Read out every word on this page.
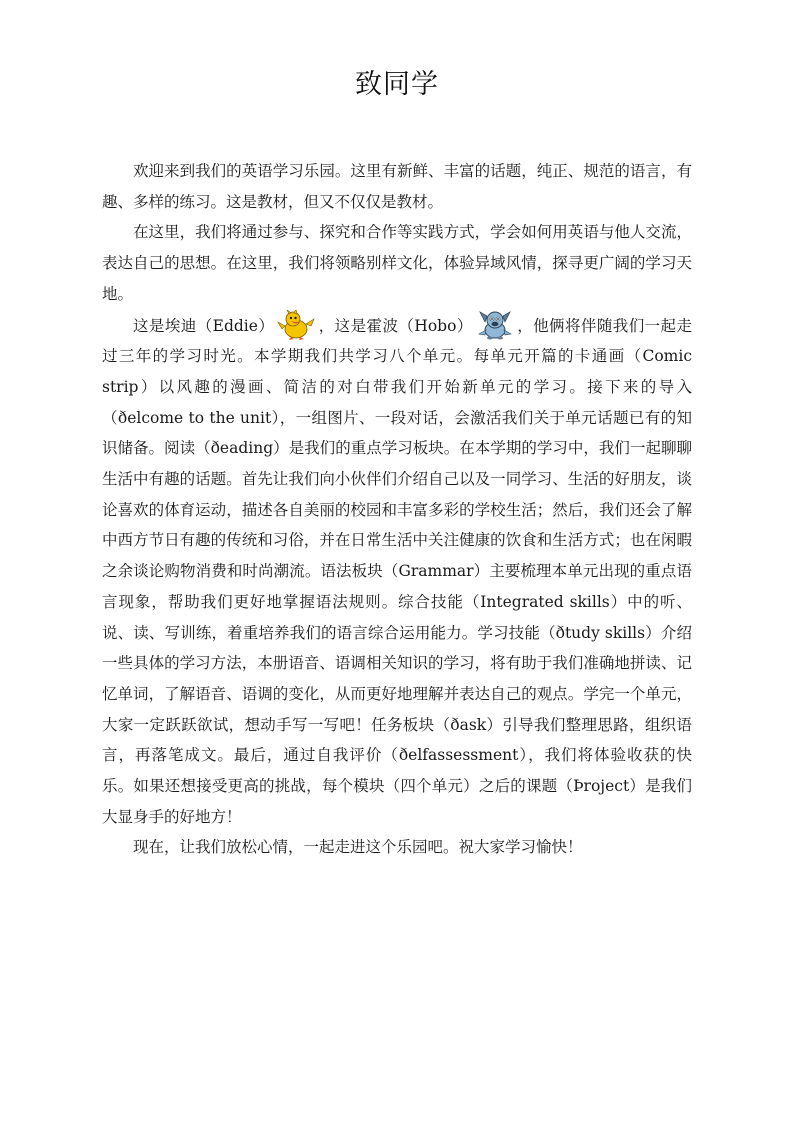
致同学

欢迎来到我们的英语学习乐园。这里有新鲜、丰富的话题，纯正、规范的语言，有趣、多样的练习。这是教材，但又不仅仅是教材。

在这里，我们将通过参与、探究和合作等实践方式，学会如何用英语与他人交流，表达自己的思想。在这里，我们将领略别样文化，体验异域风情，探寻更广阔的学习天地。

这是埃迪（Eddie）	，这是霍波（Hobo）	，他俩将伴随我们一起走过三年的学习时光。本学期我们共学习八个单元。每单元开篇的卡通画（Comic strip）以风趣的漫画、简洁的对白带我们开始新单元的学习。接下来的导入（ðelcome to the unit），一组图片、一段对话，会激活我们关于单元话题已有的知识储备。阅读（ðeading）是我们的重点学习板块。在本学期的学习中，我们一起聊聊生活中有趣的话题。首先让我们向小伙伴们介绍自己以及一同学习、生活的好朋友，谈论喜欢的体育运动，描述各自美丽的校园和丰富多彩的学校生活；然后，我们还会了解中西方节日有趣的传统和习俗，并在日常生活中关注健康的饮食和生活方式；也在闲暇之余谈论购物消费和时尚潮流。语法板块（Grammar）主要梳理本单元出现的重点语言现象，帮助我们更好地掌握语法规则。综合技能（Integrated skills）中的听、说、读、写训练，着重培养我们的语言综合运用能力。学习技能（ðtudy skills）介绍一些具体的学习方法，本册语音、语调相关知识的学习，将有助于我们准确地拼读、记忆单词，了解语音、语调的变化，从而更好地理解并表达自己的观点。学完一个单元，大家一定跃跃欲试，想动手写一写吧！任务板块（ðask）引导我们整理思路，组织语言，再落笔成文。最后，通过自我评价（ðelfassessment），我们将体验收获的快乐。如果还想接受更高的挑战，每个模块（四个单元）之后的课题（Þroject）是我们大显身手的好地方！

现在，让我们放松心情，一起走进这个乐园吧。祝大家学习愉快！
